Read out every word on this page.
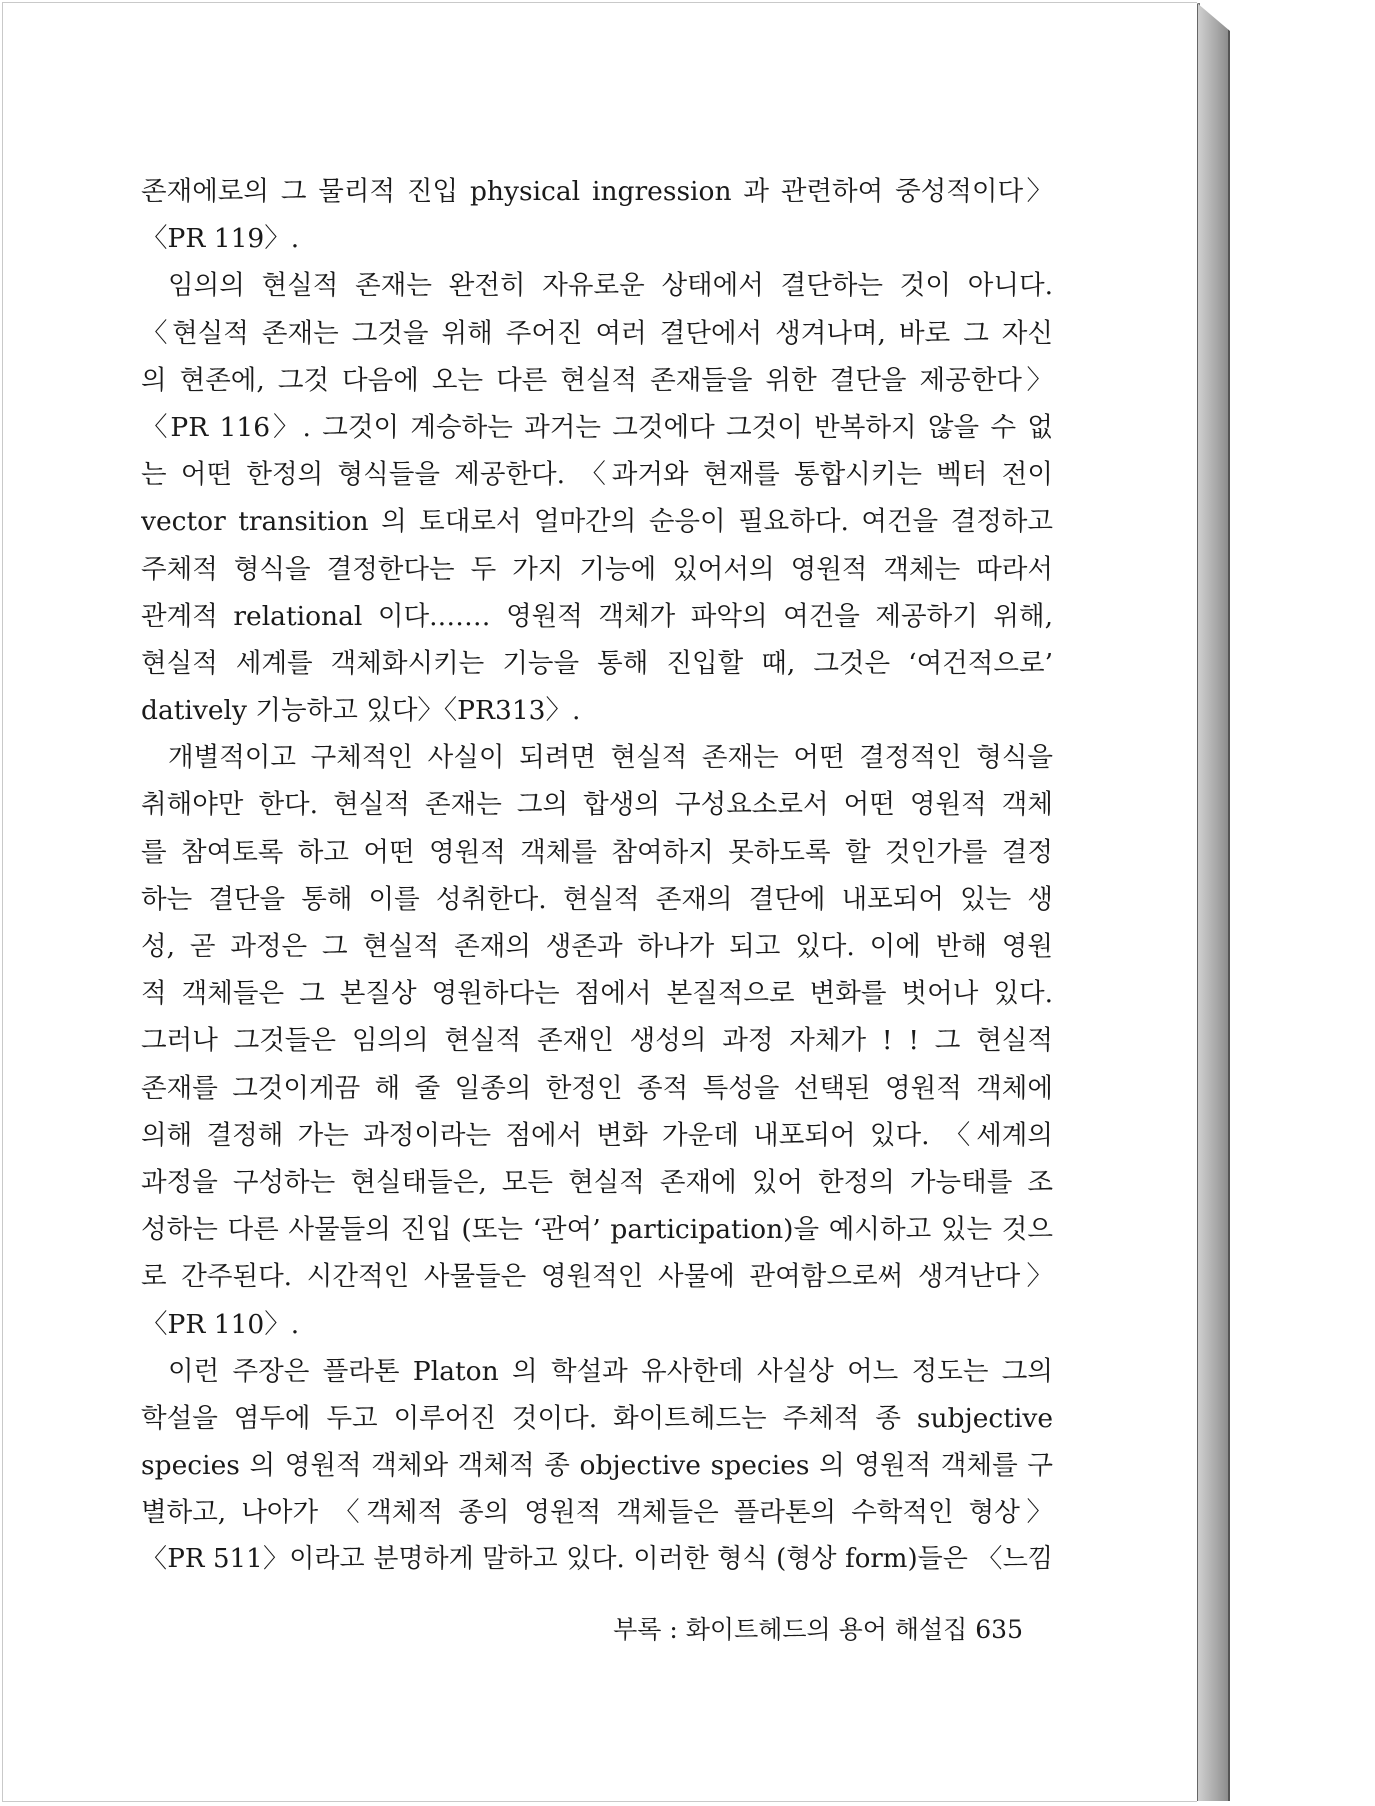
존재에로의 그 물리적 진입 physical ingression 과 관련하여 중성적이다〉
〈PR 119〉.
임의의 현실적 존재는 완전히 자유로운 상태에서 결단하는 것이 아니다.
〈현실적 존재는 그것을 위해 주어진 여러 결단에서 생겨나며, 바로 그 자신
의 현존에, 그것 다음에 오는 다른 현실적 존재들을 위한 결단을 제공한다〉
〈PR 116〉. 그것이 계승하는 과거는 그것에다 그것이 반복하지 않을 수 없
는 어떤 한정의 형식들을 제공한다. 〈과거와 현재를 통합시키는 벡터 전이
vector transition 의 토대로서 얼마간의 순응이 필요하다. 여건을 결정하고
주체적 형식을 결정한다는 두 가지 기능에 있어서의 영원적 객체는 따라서
관계적 relational 이다.…… 영원적 객체가 파악의 여건을 제공하기 위해,
현실적 세계를 객체화시키는 기능을 통해 진입할 때, 그것은 ‘여건적으로’
datively 기능하고 있다〉〈PR313〉.
개별적이고 구체적인 사실이 되려면 현실적 존재는 어떤 결정적인 형식을
취해야만 한다. 현실적 존재는 그의 합생의 구성요소로서 어떤 영원적 객체
를 참여토록 하고 어떤 영원적 객체를 참여하지 못하도록 할 것인가를 결정
하는 결단을 통해 이를 성취한다. 현실적 존재의 결단에 내포되어 있는 생
성, 곧 과정은 그 현실적 존재의 생존과 하나가 되고 있다. 이에 반해 영원
적 객체들은 그 본질상 영원하다는 점에서 본질적으로 변화를 벗어나 있다.
그러나 그것들은 임의의 현실적 존재인 생성의 과정 자체가 ! ! 그 현실적
존재를 그것이게끔 해 줄 일종의 한정인 종적 특성을 선택된 영원적 객체에
의해 결정해 가는 과정이라는 점에서 변화 가운데 내포되어 있다. 〈세계의
과정을 구성하는 현실태들은, 모든 현실적 존재에 있어 한정의 가능태를 조
성하는 다른 사물들의 진입 (또는 ‘관여’ participation)을 예시하고 있는 것으
로 간주된다. 시간적인 사물들은 영원적인 사물에 관여함으로써 생겨난다〉
〈PR 110〉.
이런 주장은 플라톤 Platon 의 학설과 유사한데 사실상 어느 정도는 그의
학설을 염두에 두고 이루어진 것이다. 화이트헤드는 주체적 종 subjective
species 의 영원적 객체와 객체적 종 objective species 의 영원적 객체를 구
별하고, 나아가 〈객체적 종의 영원적 객체들은 플라톤의 수학적인 형상〉
〈PR 511〉이라고 분명하게 말하고 있다. 이러한 형식 (형상 form)들은 〈느낌
부록 : 화이트헤드의 용어 해설집 635
